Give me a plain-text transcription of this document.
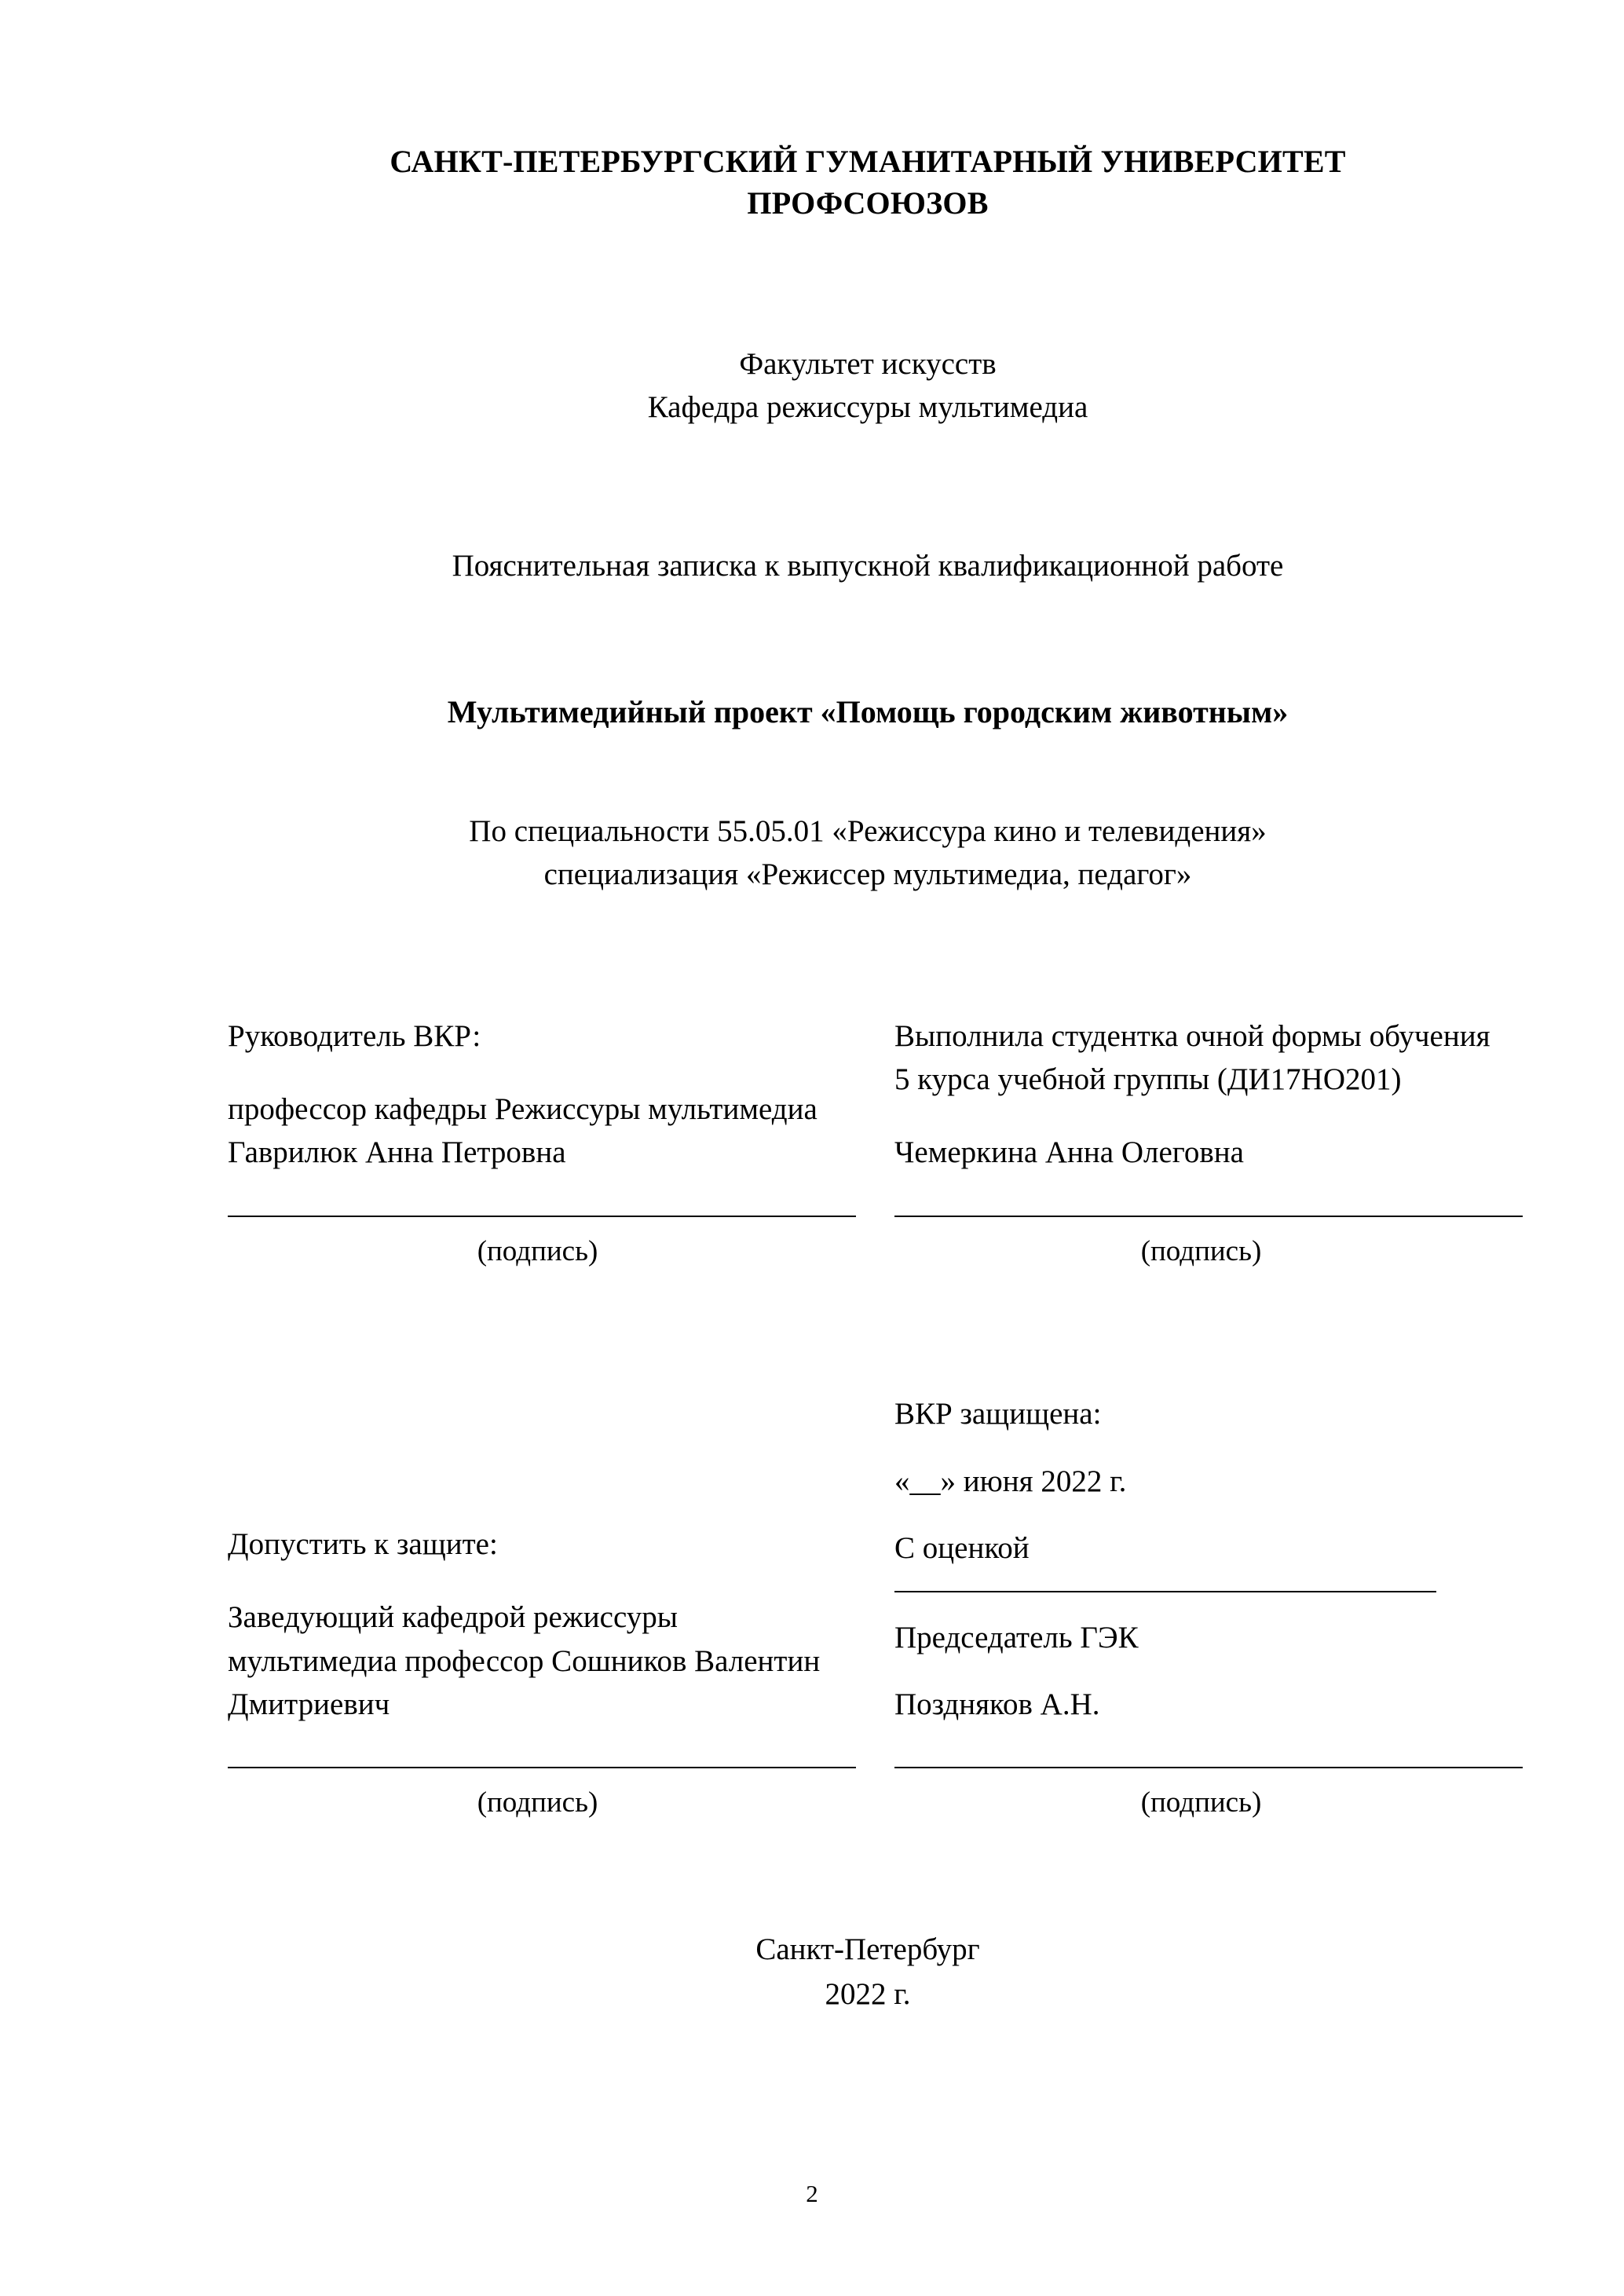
САНКТ-ПЕТЕРБУРГСКИЙ ГУМАНИТАРНЫЙ УНИВЕРСИТЕТ ПРОФСОЮЗОВ
Факультет искусств
Кафедра режиссуры мультимедиа
Пояснительная записка к выпускной квалификационной работе
Мультимедийный проект «Помощь городским животным»
По специальности 55.05.01 «Режиссура кино и телевидения»
специализация «Режиссер мультимедиа, педагог»

Руководитель ВКР:

профессор кафедры Режиссуры мультимедиа Гаврилюк Анна Петровна

(подпись)

Выполнила студентка очной формы обучения 5 курса учебной группы (ДИ17НО201)

Чемеркина Анна Олеговна

(подпись)

Допустить к защите:

Заведующий кафедрой режиссуры мультимедиа профессор Сошников Валентин Дмитриевич

(подпись)

ВКР защищена:

«__» июня 2022 г.

С оценкой

Председатель ГЭК

Поздняков А.Н.

(подпись)
Санкт-Петербург
2022 г.
2
